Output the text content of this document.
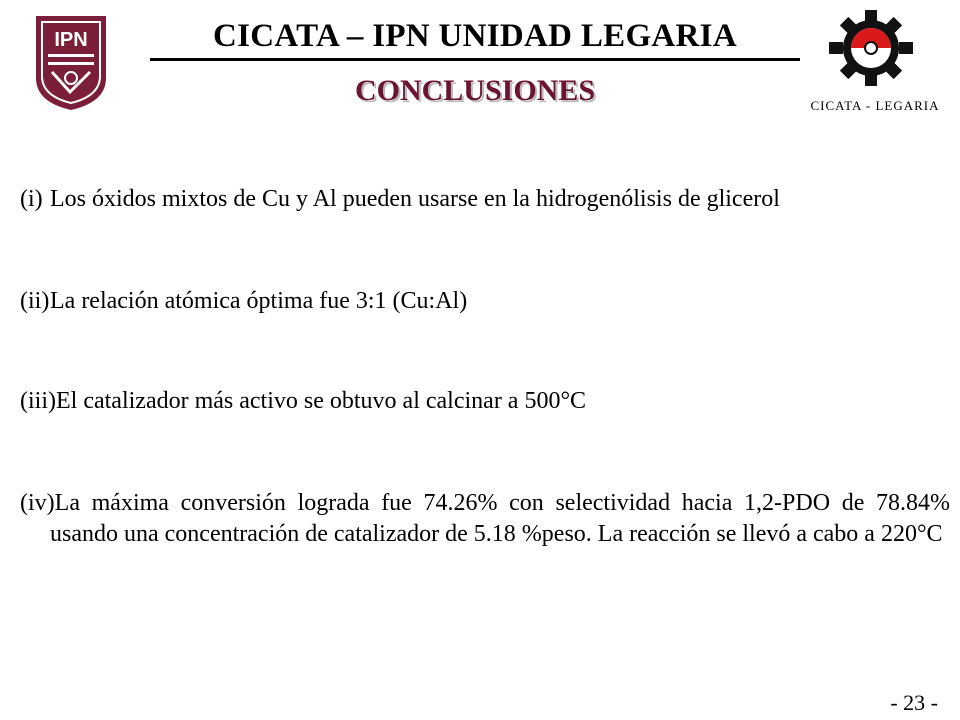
IPN	CICATA – IPN UNIDAD LEGARIA
CONCLUSIONES	CICATA - LEGARIA
(i) Los óxidos mixtos de Cu y Al pueden usarse en la hidrogenólisis de glicerol
(ii)La relación atómica óptima fue 3:1 (Cu:Al)
(iii)El catalizador más activo se obtuvo al calcinar a 500°C
(iv)La máxima conversión lograda fue 74.26% con selectividad hacia 1,2-PDO de 78.84% usando una concentración de catalizador de 5.18 %peso. La reacción se llevó a cabo a 220°C
- 23 -
